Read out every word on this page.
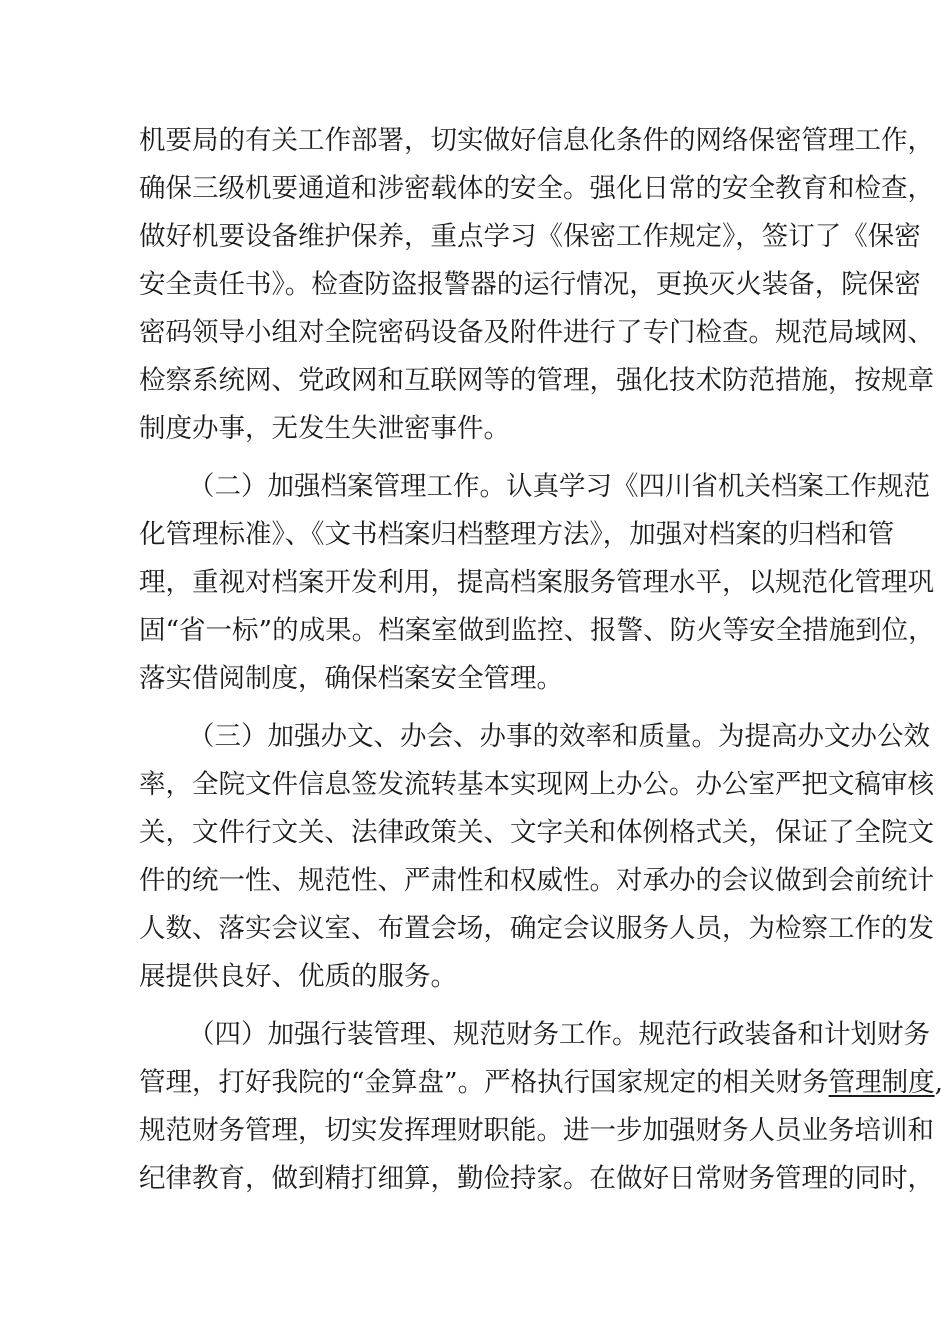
机要局的有关工作部署，切实做好信息化条件的网络保密管理工作，
确保三级机要通道和涉密载体的安全。强化日常的安全教育和检查，
做好机要设备维护保养，重点学习《保密工作规定》，签订了《保密
安全责任书》。检查防盗报警器的运行情况，更换灭火装备，院保密
密码领导小组对全院密码设备及附件进行了专门检查。规范局域网、
检察系统网、党政网和互联网等的管理，强化技术防范措施，按规章
制度办事，无发生失泄密事件。
（二）加强档案管理工作。认真学习《四川省机关档案工作规范
化管理标准》、《文书档案归档整理方法》，加强对档案的归档和管
理，重视对档案开发利用，提高档案服务管理水平，以规范化管理巩
固“省一标”的成果。档案室做到监控、报警、防火等安全措施到位，
落实借阅制度，确保档案安全管理。
（三）加强办文、办会、办事的效率和质量。为提高办文办公效
率，全院文件信息签发流转基本实现网上办公。办公室严把文稿审核
关，文件行文关、法律政策关、文字关和体例格式关，保证了全院文
件的统一性、规范性、严肃性和权威性。对承办的会议做到会前统计
人数、落实会议室、布置会场，确定会议服务人员，为检察工作的发
展提供良好、优质的服务。
（四）加强行装管理、规范财务工作。规范行政装备和计划财务
管理，打好我院的“金算盘”。严格执行国家规定的相关财务管理制度,
规范财务管理，切实发挥理财职能。进一步加强财务人员业务培训和
纪律教育，做到精打细算，勤俭持家。在做好日常财务管理的同时，
